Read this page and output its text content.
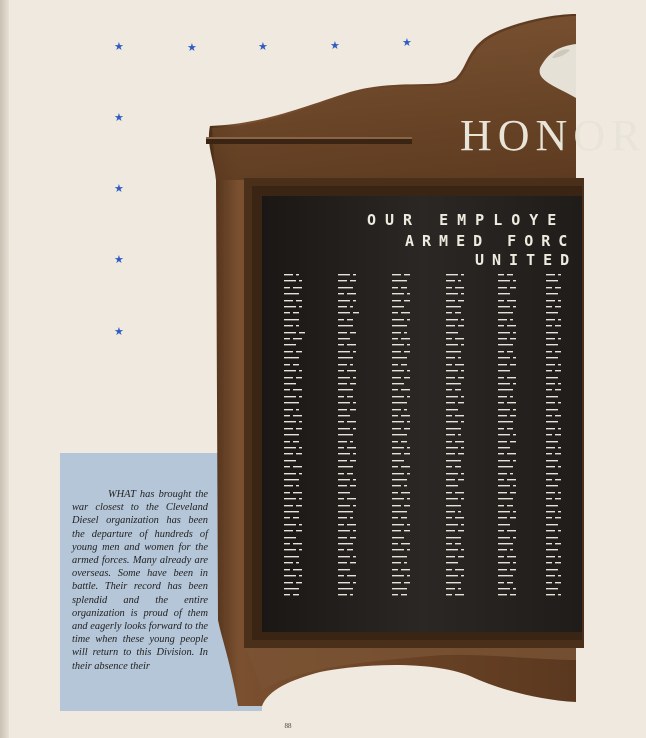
★	★	★	★	★
★
★
★
★
HONOR
OUR EMPLOYE
ARMED FORC
UNITED
▬▬▬ ▬
▬▬▬▬ ▬
▬▬ ▬▬▬
▬▬▬▬▬
▬▬▬ ▬▬
▬▬▬▬ ▬
▬▬ ▬▬
▬▬▬▬▬
▬▬▬ ▬
▬▬▬▬ ▬▬
▬▬ ▬▬▬
▬▬▬▬
▬▬▬ ▬▬
▬▬▬▬▬
▬▬ ▬▬
▬▬▬▬ ▬
▬▬▬ ▬▬
▬▬▬▬
▬▬ ▬▬▬
▬▬▬▬ ▬
▬▬▬▬▬
▬▬▬ ▬
▬▬ ▬▬▬
▬▬▬▬ ▬
▬▬▬ ▬▬
▬▬▬▬▬
▬▬ ▬▬
▬▬▬▬ ▬
▬▬▬ ▬▬
▬▬▬▬
▬▬ ▬▬▬
▬▬▬▬ ▬
▬▬▬▬▬
▬▬▬ ▬
▬▬ ▬▬▬
▬▬▬▬ ▬
▬▬▬ ▬▬
▬▬▬▬▬
▬▬ ▬▬
▬▬▬▬ ▬
▬▬▬ ▬▬
▬▬▬▬
▬▬ ▬▬▬
▬▬▬▬ ▬
▬▬▬▬▬
▬▬▬ ▬
▬▬ ▬▬▬
▬▬▬▬ ▬
▬▬▬ ▬▬
▬▬▬▬▬
▬▬ ▬▬
▬▬▬▬ ▬
▬▬▬ ▬▬
▬▬▬▬▬
▬▬ ▬▬▬
▬▬▬▬ ▬
▬▬▬ ▬
▬▬▬▬ ▬▬
▬▬ ▬▬
▬▬▬▬▬
▬▬▬ ▬▬
▬▬▬▬
▬▬ ▬▬▬
▬▬▬▬ ▬
▬▬▬▬▬
▬▬▬ ▬
▬▬ ▬▬▬
▬▬▬▬ ▬
▬▬▬ ▬▬
▬▬▬▬▬
▬▬ ▬▬
▬▬▬▬ ▬
▬▬▬ ▬▬
▬▬▬▬
▬▬ ▬▬▬
▬▬▬▬ ▬
▬▬▬▬▬
▬▬▬ ▬
▬▬ ▬▬▬
▬▬▬▬ ▬
▬▬▬ ▬▬
▬▬▬▬▬
▬▬ ▬▬
▬▬▬▬ ▬
▬▬▬ ▬▬
▬▬▬▬
▬▬ ▬▬▬
▬▬▬▬ ▬
▬▬▬▬▬
▬▬▬ ▬
▬▬ ▬▬▬
▬▬▬▬ ▬
▬▬▬ ▬▬
▬▬▬▬▬
▬▬ ▬▬
▬▬▬▬ ▬
▬▬▬ ▬▬
▬▬▬▬
▬▬ ▬▬▬
▬▬▬▬ ▬
▬▬▬▬▬
▬▬▬ ▬
▬▬▬ ▬▬
▬▬▬▬▬
▬▬ ▬▬
▬▬▬▬ ▬
▬▬▬ ▬▬
▬▬▬▬
▬▬ ▬▬▬
▬▬▬▬ ▬
▬▬▬▬▬
▬▬▬ ▬
▬▬ ▬▬▬
▬▬▬▬ ▬
▬▬▬ ▬▬
▬▬▬▬▬
▬▬ ▬▬
▬▬▬▬ ▬
▬▬▬ ▬▬
▬▬▬▬
▬▬ ▬▬▬
▬▬▬▬ ▬
▬▬▬▬▬
▬▬▬ ▬
▬▬ ▬▬▬
▬▬▬▬ ▬
▬▬▬ ▬▬
▬▬▬▬▬
▬▬ ▬▬
▬▬▬▬ ▬
▬▬▬ ▬▬
▬▬▬▬
▬▬ ▬▬▬
▬▬▬▬ ▬
▬▬▬▬▬
▬▬▬ ▬
▬▬ ▬▬▬
▬▬▬▬ ▬
▬▬▬ ▬▬
▬▬▬▬▬
▬▬ ▬▬
▬▬▬▬ ▬
▬▬▬ ▬▬
▬▬▬▬
▬▬ ▬▬▬
▬▬▬▬ ▬
▬▬▬▬▬
▬▬▬ ▬
▬▬ ▬▬▬
▬▬▬▬ ▬
▬▬▬ ▬▬
▬▬▬▬▬
▬▬ ▬▬
▬▬▬▬ ▬
▬▬▬ ▬
▬▬ ▬▬▬
▬▬▬▬ ▬
▬▬▬ ▬▬
▬▬▬▬▬
▬▬ ▬▬
▬▬▬▬ ▬
▬▬▬ ▬▬
▬▬▬▬
▬▬ ▬▬▬
▬▬▬▬ ▬
▬▬▬▬▬
▬▬▬ ▬
▬▬ ▬▬▬
▬▬▬▬ ▬
▬▬▬ ▬▬
▬▬▬▬▬
▬▬ ▬▬
▬▬▬▬ ▬
▬▬▬ ▬▬
▬▬▬▬
▬▬ ▬▬▬
▬▬▬▬ ▬
▬▬▬▬▬
▬▬▬ ▬
▬▬ ▬▬▬
▬▬▬▬ ▬
▬▬▬ ▬▬
▬▬▬▬▬
▬▬ ▬▬
▬▬▬▬ ▬
▬▬▬ ▬▬
▬▬▬▬
▬▬ ▬▬▬
▬▬▬▬ ▬
▬▬▬▬▬
▬▬▬ ▬
▬▬ ▬▬▬
▬▬▬▬ ▬
▬▬▬ ▬▬
▬▬▬▬▬
▬▬ ▬▬
▬▬▬▬ ▬
▬▬▬ ▬▬
▬▬▬▬
▬▬ ▬▬▬
▬▬▬▬ ▬
▬▬▬▬▬
▬▬▬ ▬
▬▬ ▬▬▬
▬▬ ▬▬
▬▬▬▬ ▬
▬▬▬ ▬▬
▬▬▬▬
▬▬ ▬▬▬
▬▬▬▬ ▬
▬▬▬▬▬
▬▬▬ ▬
▬▬ ▬▬▬
▬▬▬▬ ▬
▬▬▬ ▬▬
▬▬▬▬▬
▬▬ ▬▬
▬▬▬▬ ▬
▬▬▬ ▬▬
▬▬▬▬
▬▬ ▬▬▬
▬▬▬▬ ▬
▬▬▬▬▬
▬▬▬ ▬
▬▬ ▬▬▬
▬▬▬▬ ▬
▬▬▬ ▬▬
▬▬▬▬▬
▬▬ ▬▬
▬▬▬▬ ▬
▬▬▬ ▬▬
▬▬▬▬
▬▬ ▬▬▬
▬▬▬▬ ▬
▬▬▬▬▬
▬▬▬ ▬
▬▬ ▬▬▬
▬▬▬▬ ▬
▬▬▬ ▬▬
▬▬▬▬▬
▬▬ ▬▬
▬▬▬▬ ▬
▬▬▬ ▬▬
▬▬▬▬
▬▬ ▬▬▬
▬▬▬▬ ▬
▬▬▬▬▬
▬▬▬ ▬
▬▬ ▬▬▬
▬▬▬▬ ▬
▬▬▬ ▬▬
▬▬▬▬▬
▬▬ ▬▬
▬▬▬▬ ▬
▬▬▬ ▬▬
▬▬▬ ▬
▬▬▬▬
▬▬ ▬▬
▬▬▬▬
▬▬▬ ▬
▬▬ ▬▬
▬▬▬▬
▬▬▬ ▬
▬▬ ▬▬
▬▬▬▬
▬▬▬ ▬
▬▬▬▬
▬▬ ▬▬
▬▬▬▬
▬▬▬ ▬
▬▬ ▬▬
▬▬▬▬
▬▬▬ ▬
▬▬ ▬▬
▬▬▬▬
▬▬▬ ▬
▬▬▬▬
▬▬ ▬▬
▬▬▬▬
▬▬▬ ▬
▬▬ ▬▬
▬▬▬▬
▬▬▬ ▬
▬▬ ▬▬
▬▬▬▬
▬▬▬ ▬
▬▬▬▬
▬▬ ▬▬
▬▬▬▬
▬▬▬ ▬
▬▬ ▬▬
▬▬▬▬
▬▬▬ ▬
▬▬ ▬▬
▬▬▬▬
▬▬▬ ▬
▬▬▬▬
▬▬ ▬▬
▬▬▬▬
▬▬▬ ▬
▬▬ ▬▬
▬▬▬▬
▬▬▬ ▬
▬▬ ▬▬
▬▬▬▬
▬▬▬ ▬
WHAT has brought the war closest to the Cleveland Diesel organization has been the departure of hundreds of young men and women for the armed forces. Many already are overseas. Some have been in battle. Their record has been splendid and the entire organization is proud of them and eagerly looks forward to the time when these young people will return to this Division. In their absence their
88
